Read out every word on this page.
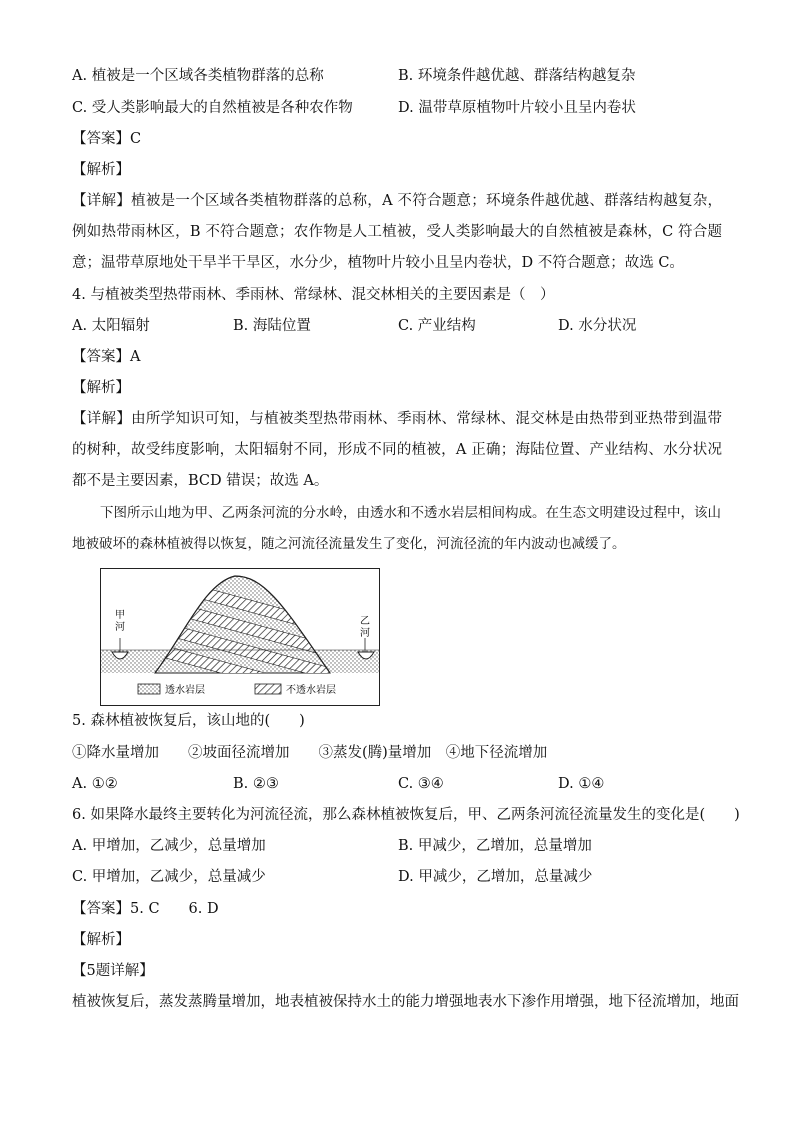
A. 植被是一个区域各类植物群落的总称	B. 环境条件越优越、群落结构越复杂
C. 受人类影响最大的自然植被是各种农作物	D. 温带草原植物叶片较小且呈内卷状
【答案】C
【解析】
【详解】植被是一个区域各类植物群落的总称，A 不符合题意；环境条件越优越、群落结构越复杂，例如热带雨林区，B 不符合题意；农作物是人工植被，受人类影响最大的自然植被是森林，C 符合题意；温带草原地处干旱半干旱区，水分少，植物叶片较小且呈内卷状，D 不符合题意；故选 C。
4. 与植被类型热带雨林、季雨林、常绿林、混交林相关的主要因素是（　）
A. 太阳辐射	B. 海陆位置	C. 产业结构	D. 水分状况
【答案】A
【解析】
【详解】由所学知识可知，与植被类型热带雨林、季雨林、常绿林、混交林是由热带到亚热带到温带的树种，故受纬度影响，太阳辐射不同，形成不同的植被，A 正确；海陆位置、产业结构、水分状况都不是主要因素，BCD 错误；故选 A。
下图所示山地为甲、乙两条河流的分水岭，由透水和不透水岩层相间构成。在生态文明建设过程中，该山地被破坏的森林植被得以恢复，随之河流径流量发生了变化，河流径流的年内波动也减缓了。
甲
河
乙
河
透水岩层	不透水岩层
5. 森林植被恢复后，该山地的(　　)
①降水量增加　　②坡面径流增加　　③蒸发(腾)量增加　④地下径流增加
A. ①②	B. ②③	C. ③④	D. ①④
6. 如果降水最终主要转化为河流径流，那么森林植被恢复后，甲、乙两条河流径流量发生的变化是(　　)
A. 甲增加，乙减少，总量增加	B. 甲减少，乙增加，总量增加
C. 甲增加，乙减少，总量减少	D. 甲减少，乙增加，总量减少
【答案】5. C　　6. D
【解析】
【5题详解】
植被恢复后，蒸发蒸腾量增加，地表植被保持水土的能力增强地表水下渗作用增强，地下径流增加，地面
